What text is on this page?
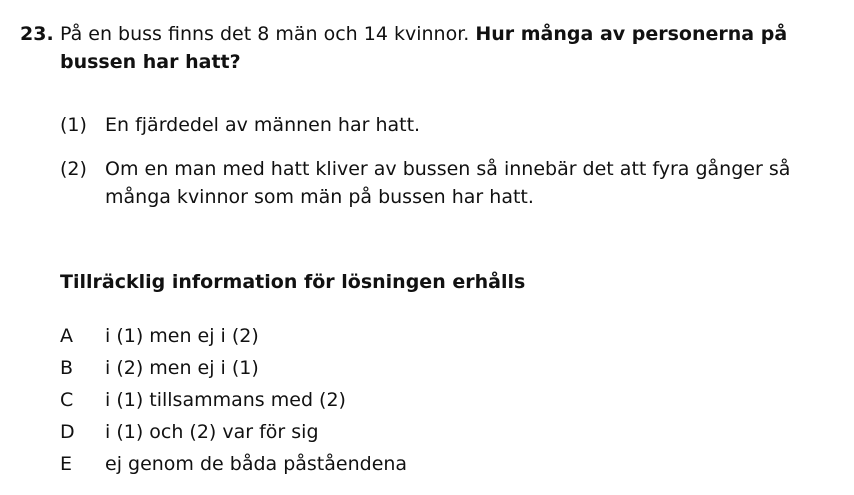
23. På en buss finns det 8 män och 14 kvinnor. Hur många av personerna på bussen har hatt?
(1) En fjärdedel av männen har hatt.
(2) Om en man med hatt kliver av bussen så innebär det att fyra gånger så många kvinnor som män på bussen har hatt.
Tillräcklig information för lösningen erhålls
A i (1) men ej i (2)
B i (2) men ej i (1)
C i (1) tillsammans med (2)
D i (1) och (2) var för sig
E ej genom de båda påståendena
